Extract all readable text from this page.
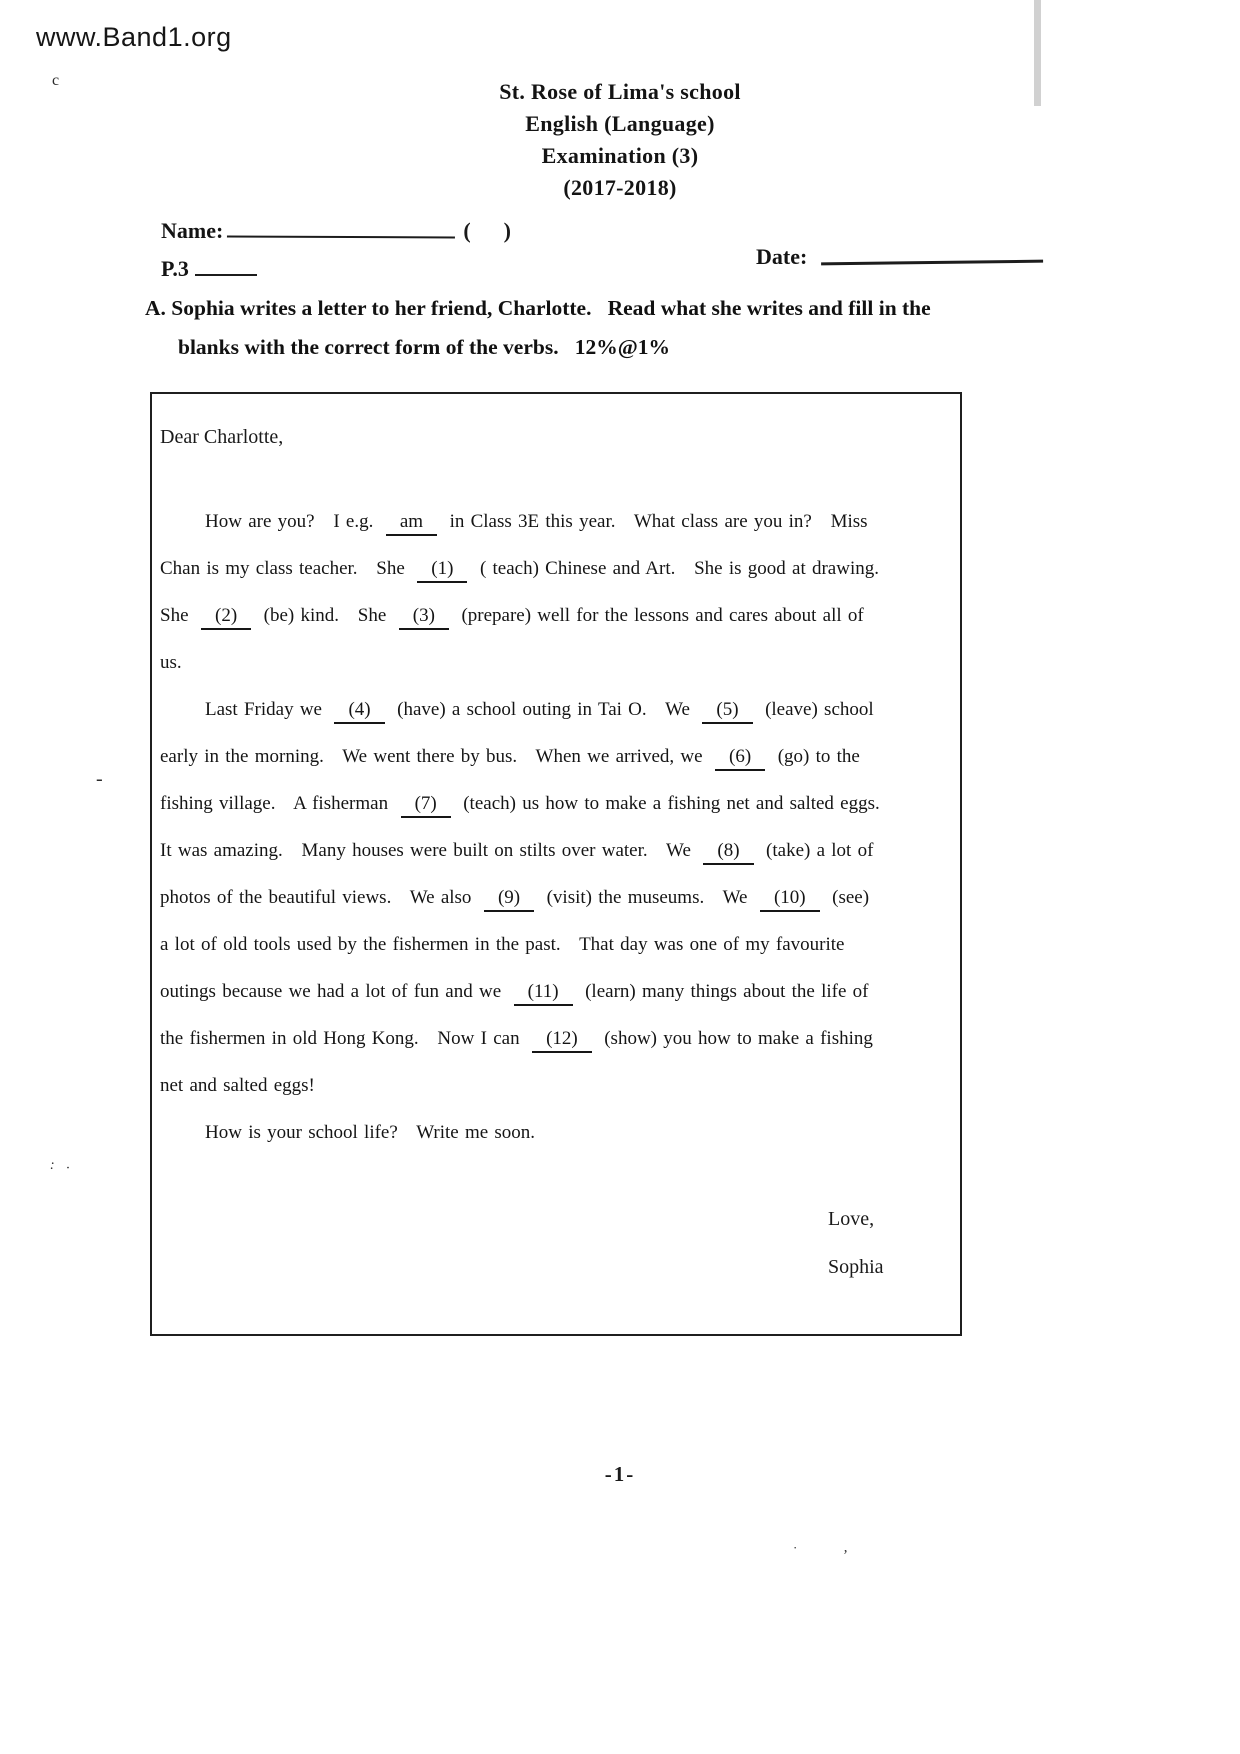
www.Band1.org
c
-
: ·
·
ʼ
St. Rose of Lima's school
English (Language)
Examination (3)
(2017-2018)

Name:	(      )

P.3
	Date:

A. Sophia writes a letter to her friend, Charlotte.   Read what she writes and fill in the
blanks with the correct form of the verbs.   12%@1%
Dear Charlotte,
How are you?   I e.g.  am  in Class 3E this year.   What class are you in?   Miss
Chan is my class teacher.   She  (1)  ( teach) Chinese and Art.   She is good at drawing.
She  (2)  (be) kind.   She  (3)  (prepare) well for the lessons and cares about all of
us.
Last Friday we  (4)  (have) a school outing in Tai O.   We  (5)  (leave) school
early in the morning.   We went there by bus.   When we arrived, we  (6)  (go) to the
fishing village.   A fisherman  (7)  (teach) us how to make a fishing net and salted eggs.
It was amazing.   Many houses were built on stilts over water.   We  (8)  (take) a lot of
photos of the beautiful views.   We also  (9)  (visit) the museums.   We  (10)  (see)
a lot of old tools used by the fishermen in the past.   That day was one of my favourite
outings because we had a lot of fun and we  (11)  (learn) many things about the life of
the fishermen in old Hong Kong.   Now I can  (12)  (show) you how to make a fishing
net and salted eggs!
How is your school life?   Write me soon.
Love,
Sophia
-1-
